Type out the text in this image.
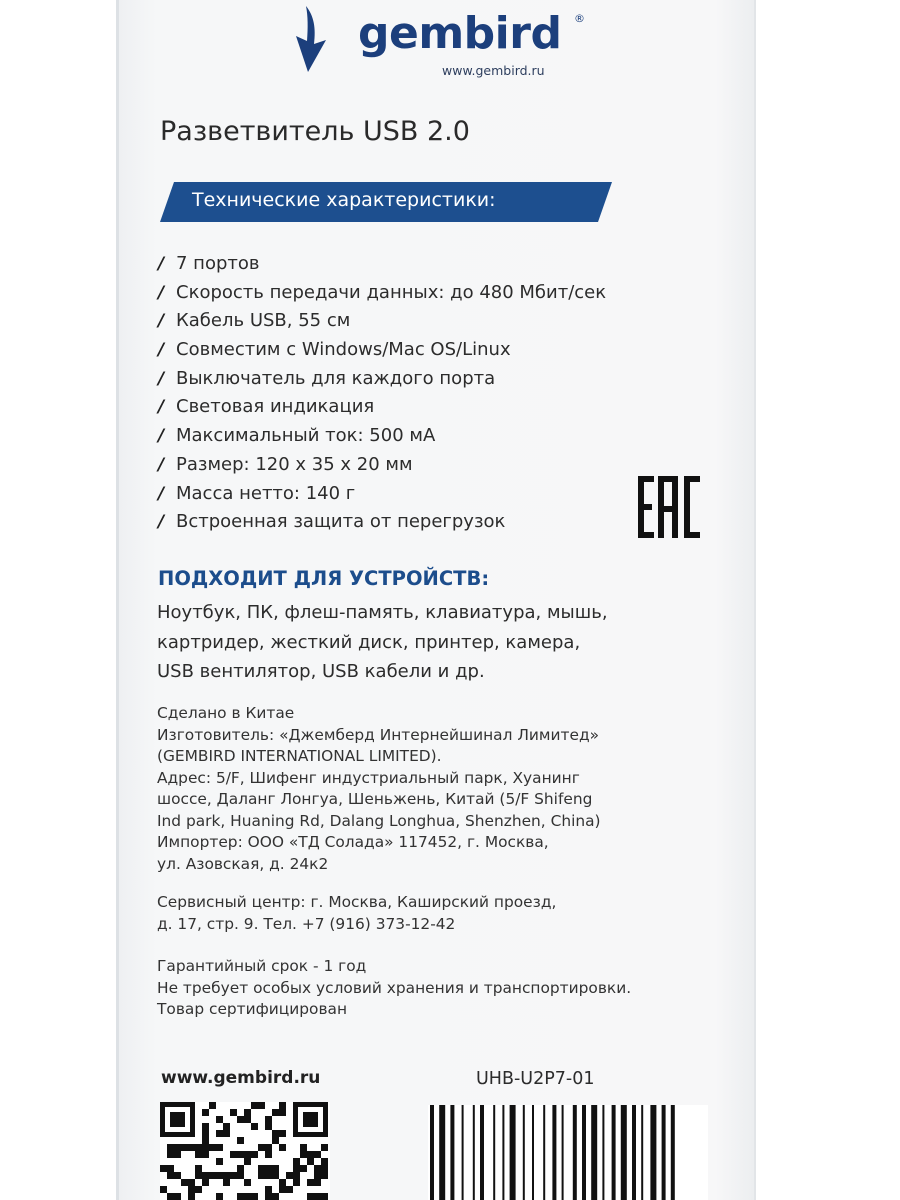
gembird ®
www.gembird.ru
Разветвитель USB 2.0
Технические характеристики:
/ 7 портов
/ Скорость передачи данных: до 480 Мбит/сек
/ Кабель USB, 55 см
/ Совместим с Windows/Mac OS/Linux
/ Выключатель для каждого порта
/ Световая индикация
/ Максимальный ток: 500 мА
/ Размер: 120 х 35 х 20 мм
/ Масса нетто: 140 г
/ Встроенная защита от перегрузок
ПОДХОДИТ ДЛЯ УСТРОЙСТВ:
Ноутбук, ПК, флеш-память, клавиатура, мышь,
картридер, жесткий диск, принтер, камера,
USB вентилятор, USB кабели и др.
Сделано в Китае
Изготовитель: «Джемберд Интернейшинал Лимитед»
(GEMBIRD INTERNATIONAL LIMITED).
Адрес: 5/F, Шифенг индустриальный парк, Хуанинг
шоссе, Даланг Лонгуа, Шеньжень, Китай (5/F Shifeng
Ind park, Huaning Rd, Dalang Longhua, Shenzhen, China)
Импортер: ООО «ТД Солада» 117452, г. Москва,
ул. Азовская, д. 24к2
Сервисный центр: г. Москва, Каширский проезд,
д. 17, стр. 9. Тел. +7 (916) 373-12-42
Гарантийный срок - 1 год
Не требует особых условий хранения и транспортировки.
Товар сертифицирован
www.gembird.ru	UHB-U2P7-01
